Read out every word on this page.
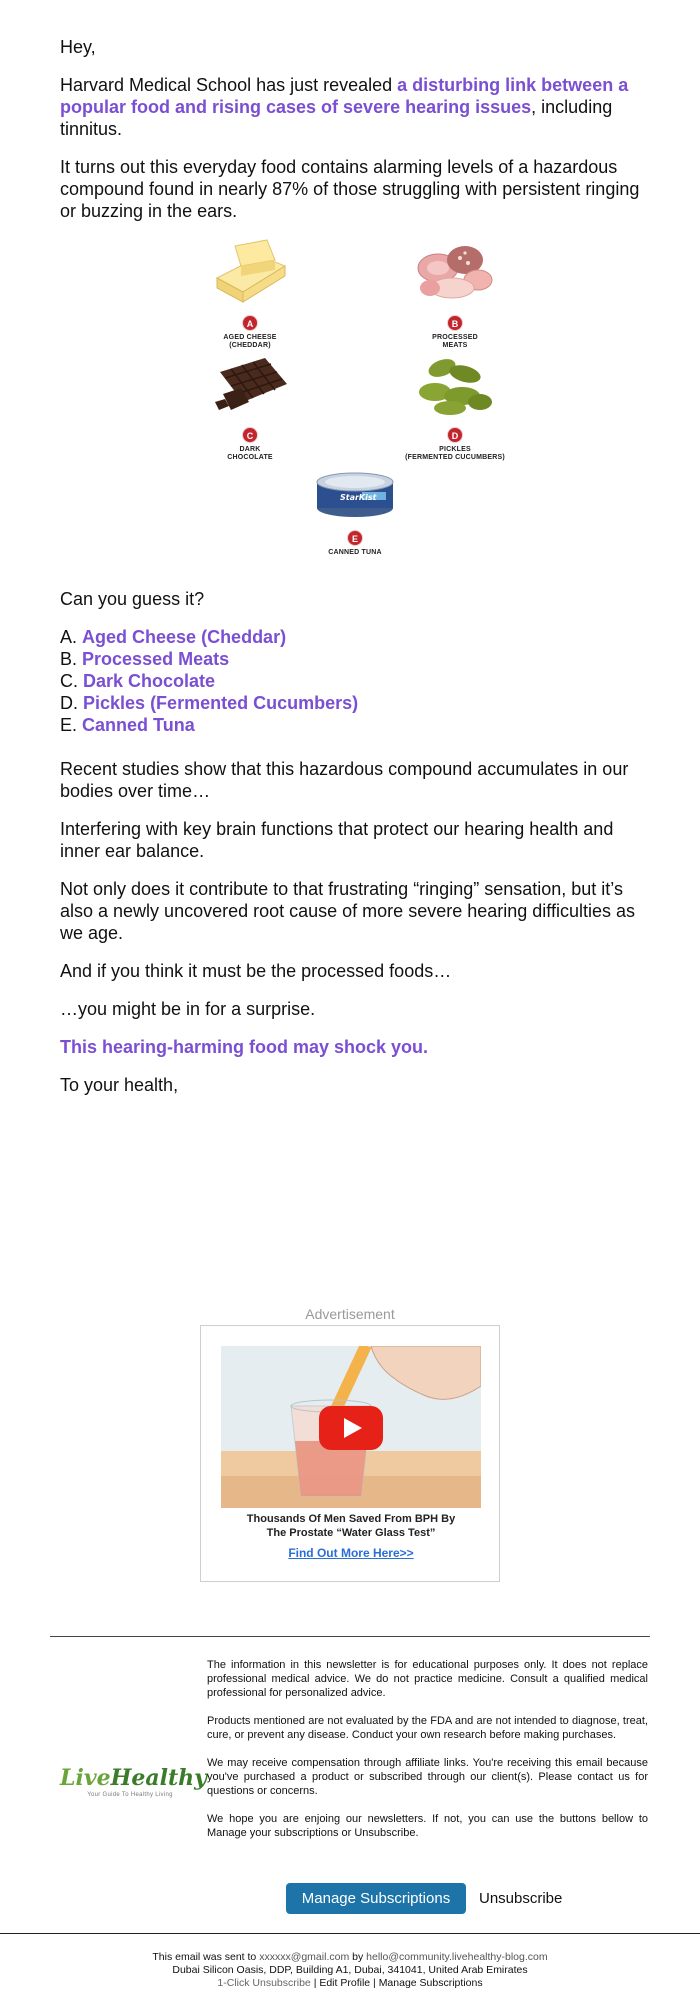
Hey,

Harvard Medical School has just revealed a disturbing link between a popular food and rising cases of severe hearing issues, including tinnitus.

It turns out this everyday food contains alarming levels of a hazardous compound found in nearly 87% of those struggling with persistent ringing or buzzing in the ears.

A
AGED CHEESE
(CHEDDAR)
B
PROCESSED
MEATS
C
DARK
CHOCOLATE
D
PICKLES
(FERMENTED CUCUMBERS)
StarKist
E
CANNED TUNA

Can you guess it?

A. Aged Cheese (Cheddar)
B. Processed Meats
C. Dark Chocolate
D. Pickles (Fermented Cucumbers)
E. Canned Tuna

Recent studies show that this hazardous compound accumulates in our bodies over time…

Interfering with key brain functions that protect our hearing health and inner ear balance.

Not only does it contribute to that frustrating “ringing” sensation, but it’s also a newly uncovered root cause of more severe hearing difficulties as we age.

And if you think it must be the processed foods…

…you might be in for a surprise.

This hearing-harming food may shock you.

To your health,

Advertisement
Thousands Of Men Saved From BPH By
The Prostate “Water Glass Test”
Find Out More Here>>
LiveHealthy
Your Guide To Healthy Living

The information in this newsletter is for educational purposes only. It does not replace professional medical advice. We do not practice medicine. Consult a qualified medical professional for personalized advice.

Products mentioned are not evaluated by the FDA and are not intended to diagnose, treat, cure, or prevent any disease. Conduct your own research before making purchases.

We may receive compensation through affiliate links. You're receiving this email because you've purchased a product or subscribed through our client(s). Please contact us for questions or concerns.

We hope you are enjoing our newsletters. If not, you can use the buttons bellow to Manage your subscriptions or Unsubscribe.

Manage Subscriptions	Unsubscribe
This email was sent to xxxxxx@gmail.com by hello@community.livehealthy-blog.com
Dubai Silicon Oasis, DDP, Building A1, Dubai, 341041, United Arab Emirates
1-Click Unsubscribe | Edit Profile | Manage Subscriptions
